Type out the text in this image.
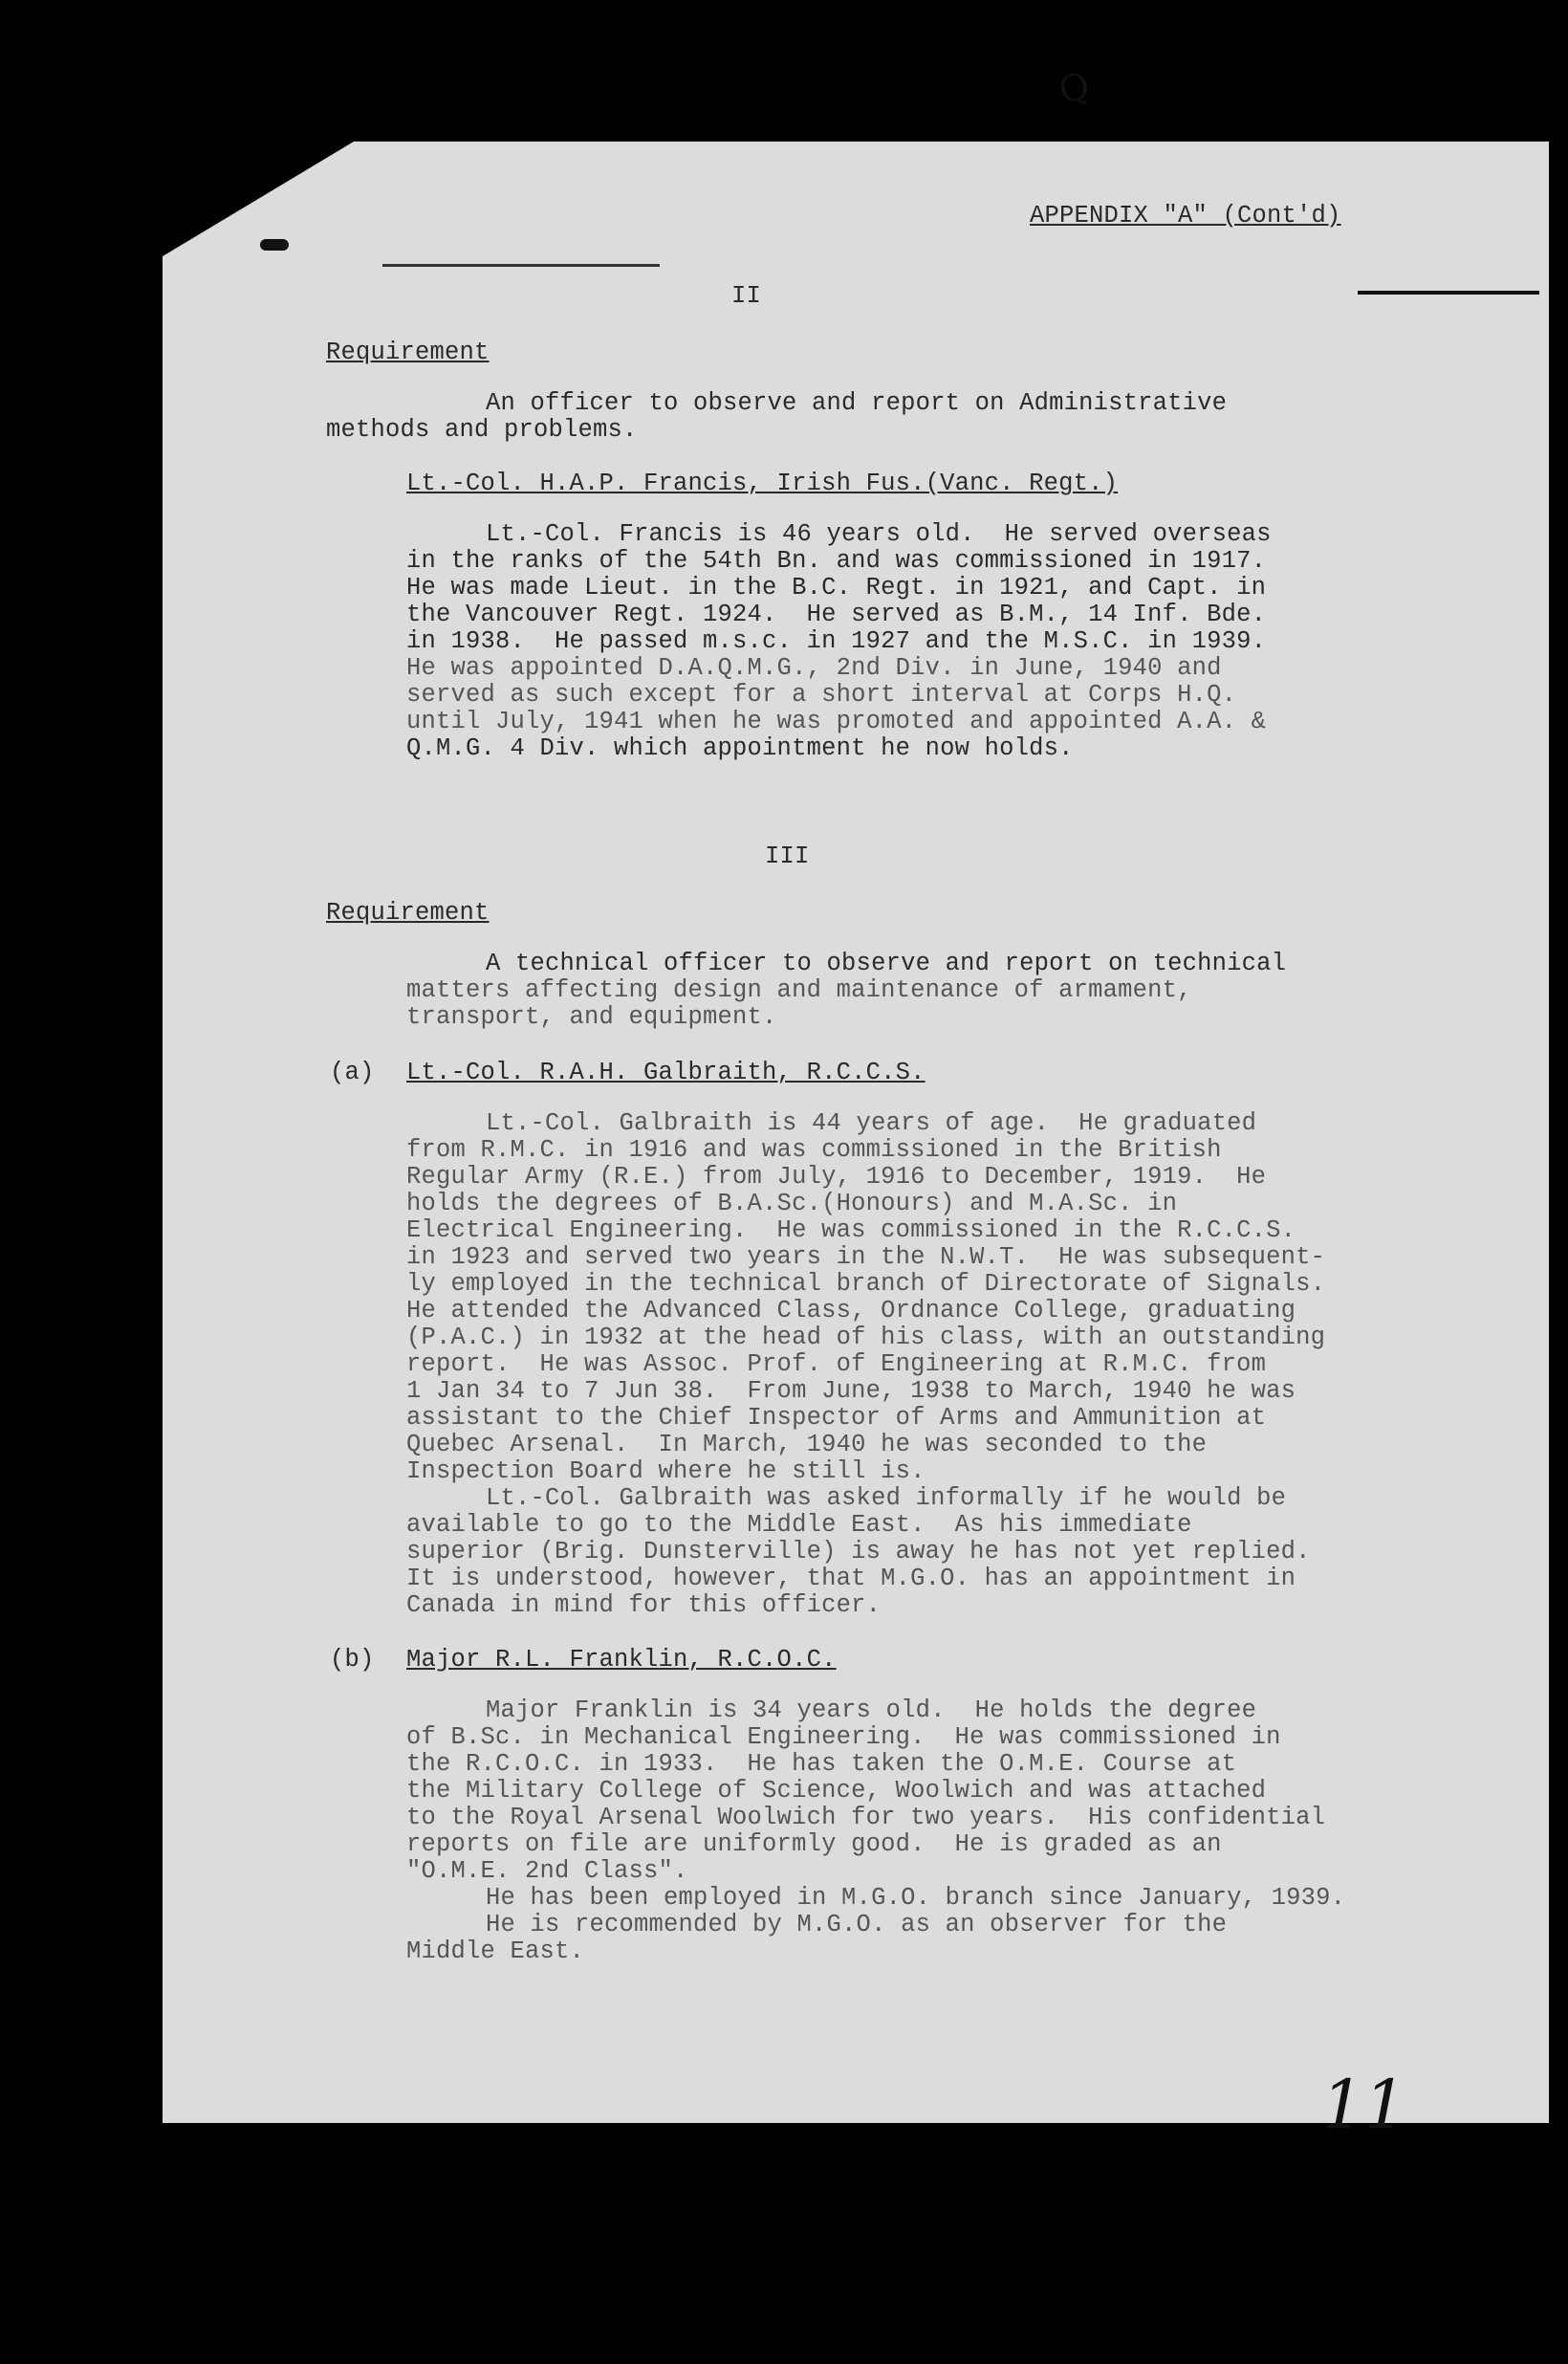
Q
11
APPENDIX "A" (Cont'd)
II
Requirement
An officer to observe and report on Administrative
methods and problems.
Lt.-Col. H.A.P. Francis, Irish Fus.(Vanc. Regt.)
Lt.-Col. Francis is 46 years old.  He served overseas
in the ranks of the 54th Bn. and was commissioned in 1917.
He was made Lieut. in the B.C. Regt. in 1921, and Capt. in
the Vancouver Regt. 1924.  He served as B.M., 14 Inf. Bde.
in 1938.  He passed m.s.c. in 1927 and the M.S.C. in 1939.
He was appointed D.A.Q.M.G., 2nd Div. in June, 1940 and
served as such except for a short interval at Corps H.Q.
until July, 1941 when he was promoted and appointed A.A. &
Q.M.G. 4 Div. which appointment he now holds.
III
Requirement
A technical officer to observe and report on technical
matters affecting design and maintenance of armament,
transport, and equipment.
(a) Lt.-Col. R.A.H. Galbraith, R.C.C.S.
Lt.-Col. Galbraith is 44 years of age.  He graduated
from R.M.C. in 1916 and was commissioned in the British
Regular Army (R.E.) from July, 1916 to December, 1919.  He
holds the degrees of B.A.Sc.(Honours) and M.A.Sc. in
Electrical Engineering.  He was commissioned in the R.C.C.S.
in 1923 and served two years in the N.W.T.  He was subsequent-
ly employed in the technical branch of Directorate of Signals.
He attended the Advanced Class, Ordnance College, graduating
(P.A.C.) in 1932 at the head of his class, with an outstanding
report.  He was Assoc. Prof. of Engineering at R.M.C. from
1 Jan 34 to 7 Jun 38.  From June, 1938 to March, 1940 he was
assistant to the Chief Inspector of Arms and Ammunition at
Quebec Arsenal.  In March, 1940 he was seconded to the
Inspection Board where he still is.
Lt.-Col. Galbraith was asked informally if he would be
available to go to the Middle East.  As his immediate
superior (Brig. Dunsterville) is away he has not yet replied.
It is understood, however, that M.G.O. has an appointment in
Canada in mind for this officer.
(b) Major R.L. Franklin, R.C.O.C.
Major Franklin is 34 years old.  He holds the degree
of B.Sc. in Mechanical Engineering.  He was commissioned in
the R.C.O.C. in 1933.  He has taken the O.M.E. Course at
the Military College of Science, Woolwich and was attached
to the Royal Arsenal Woolwich for two years.  His confidential
reports on file are uniformly good.  He is graded as an
"O.M.E. 2nd Class".
He has been employed in M.G.O. branch since January, 1939.
He is recommended by M.G.O. as an observer for the
Middle East.
